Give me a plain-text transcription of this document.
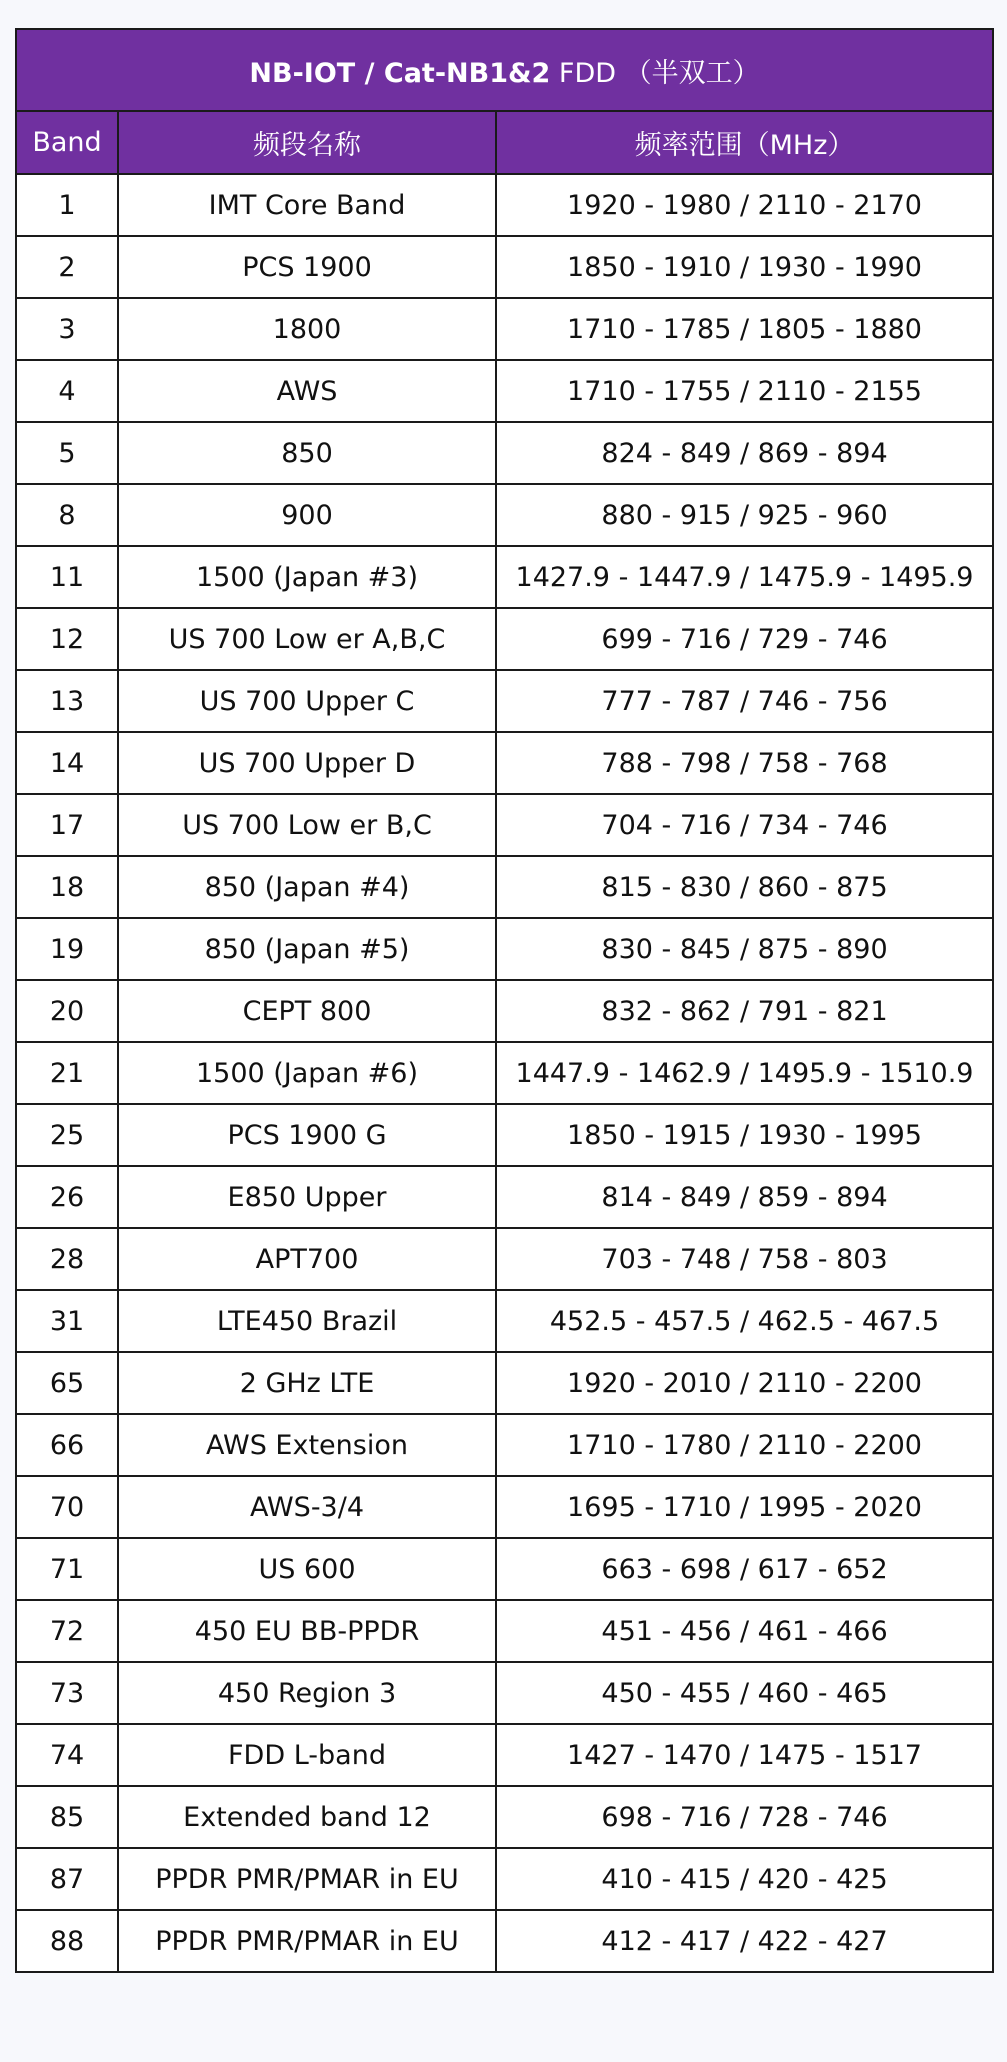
NB-IOT / Cat-NB1&2 FDD （半双工）		
Band	频段名称	频率范围（MHz）
1	IMT Core Band	1920 - 1980 / 2110 - 2170
2	PCS 1900	1850 - 1910 / 1930 - 1990
3	1800	1710 - 1785 / 1805 - 1880
4	AWS	1710 - 1755 / 2110 - 2155
5	850	824 - 849 / 869 - 894
8	900	880 - 915 / 925 - 960
11	1500 (Japan #3)	1427.9 - 1447.9 / 1475.9 - 1495.9
12	US 700 Low er A,B,C	699 - 716 / 729 - 746
13	US 700 Upper C	777 - 787 / 746 - 756
14	US 700 Upper D	788 - 798 / 758 - 768
17	US 700 Low er B,C	704 - 716 / 734 - 746
18	850 (Japan #4)	815 - 830 / 860 - 875
19	850 (Japan #5)	830 - 845 / 875 - 890
20	CEPT 800	832 - 862 / 791 - 821
21	1500 (Japan #6)	1447.9 - 1462.9 / 1495.9 - 1510.9
25	PCS 1900 G	1850 - 1915 / 1930 - 1995
26	E850 Upper	814 - 849 / 859 - 894
28	APT700	703 - 748 / 758 - 803
31	LTE450 Brazil	452.5 - 457.5 / 462.5 - 467.5
65	2 GHz LTE	1920 - 2010 / 2110 - 2200
66	AWS Extension	1710 - 1780 / 2110 - 2200
70	AWS-3/4	1695 - 1710 / 1995 - 2020
71	US 600	663 - 698 / 617 - 652
72	450 EU BB-PPDR	451 - 456 / 461 - 466
73	450 Region 3	450 - 455 / 460 - 465
74	FDD L-band	1427 - 1470 / 1475 - 1517
85	Extended band 12	698 - 716 / 728 - 746
87	PPDR PMR/PMAR in EU	410 - 415 / 420 - 425
88	PPDR PMR/PMAR in EU	412 - 417 / 422 - 427
